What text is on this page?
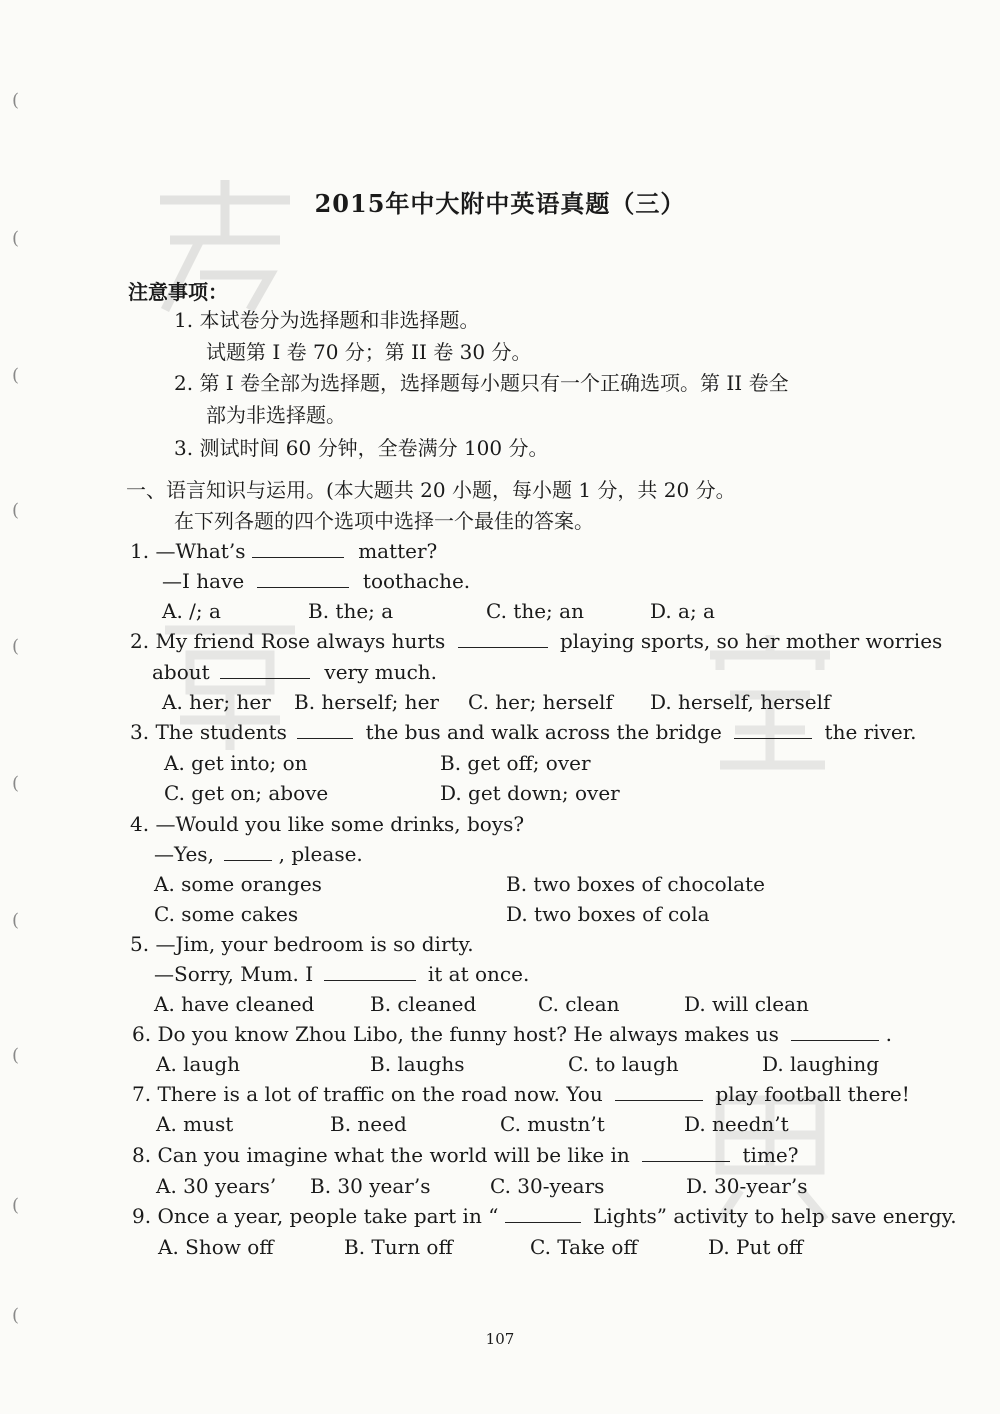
(
(
(
(
(
(
(
(
(
(
2015年中大附中英语真题（三）
注意事项：
1. 本试卷分为选择题和非选择题。
试题第 I 卷 70 分；第 II 卷 30 分。
2. 第 I 卷全部为选择题，选择题每小题只有一个正确选项。第 II 卷全
部为非选择题。
3. 测试时间 60 分钟，全卷满分 100 分。
一、语言知识与运用。(本大题共 20 小题，每小题 1 分，共 20 分。
在下列各题的四个选项中选择一个最佳的答案。
1. —What’s	matter?
—I have	toothache.
A. /; a	B. the; a	C. the; an	D. a; a
2. My friend Rose always hurts	playing sports, so her mother worries
about	very much.
A. her; her B. herself; her C. her; herself D. herself, herself
3. The students	the bus and walk across the bridge	the river.
A. get into; on	B. get off; over
C. get on; above	D. get down; over
4. —Would you like some drinks, boys?
—Yes,	, please.
A. some oranges	B. two boxes of chocolate
C. some cakes	D. two boxes of cola
5. —Jim, your bedroom is so dirty.
—Sorry, Mum. I	it at once.
A. have cleaned	B. cleaned	C. clean	D. will clean
6. Do you know Zhou Libo, the funny host? He always makes us	.
A. laugh	B. laughs	C. to laugh	D. laughing
7. There is a lot of traffic on the road now. You	play football there!
A. must	B. need	C. mustn’t	D. needn’t
8. Can you imagine what the world will be like in	time?
A. 30 years’ B. 30 year’s	C. 30-years	D. 30-year’s
9. Once a year, people take part in “	Lights” activity to help save energy.
A. Show off	B. Turn off	C. Take off	D. Put off
107
